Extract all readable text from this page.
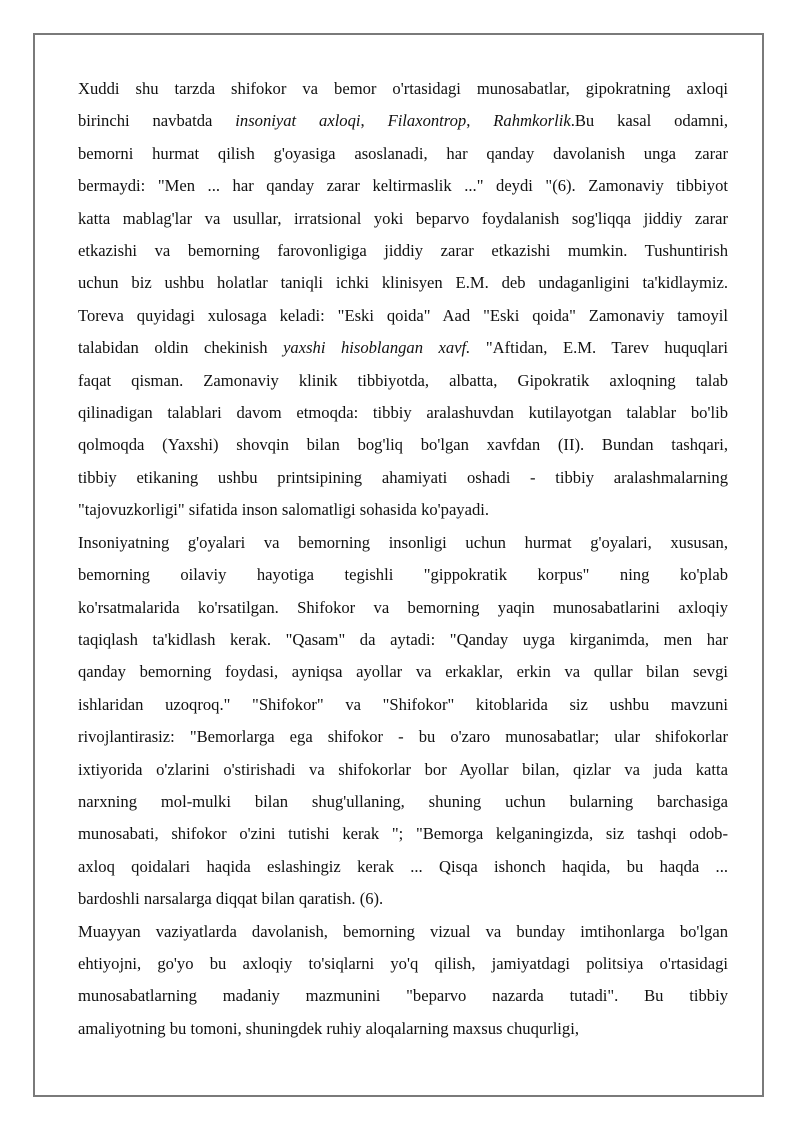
Xuddi shu tarzda shifokor va bemor o'rtasidagi munosabatlar, gipokratning axloqi
birinchi navbatda insoniyat axloqi, Filaxontrop, Rahmkorlik.Bu kasal odamni,
bemorni hurmat qilish g'oyasiga asoslanadi, har qanday davolanish unga zarar
bermaydi: "Men ... har qanday zarar keltirmaslik ..." deydi "(6). Zamonaviy tibbiyot
katta mablag'lar va usullar, irratsional yoki beparvo foydalanish sog'liqqa jiddiy zarar
etkazishi va bemorning farovonligiga jiddiy zarar etkazishi mumkin. Tushuntirish
uchun biz ushbu holatlar taniqli ichki klinisyen E.M. deb undaganligini ta'kidlaymiz.
Toreva quyidagi xulosaga keladi: "Eski qoida" Aad "Eski qoida" Zamonaviy tamoyil
talabidan oldin chekinish yaxshi hisoblangan xavf. "Aftidan, E.M. Tarev huquqlari
faqat qisman. Zamonaviy klinik tibbiyotda, albatta, Gipokratik axloqning talab
qilinadigan talablari davom etmoqda: tibbiy aralashuvdan kutilayotgan talablar bo'lib
qolmoqda (Yaxshi) shovqin bilan bog'liq bo'lgan xavfdan (II). Bundan tashqari,
tibbiy etikaning ushbu printsipining ahamiyati oshadi - tibbiy aralashmalarning
"tajovuzkorligi" sifatida inson salomatligi sohasida ko'payadi.
Insoniyatning g'oyalari va bemorning insonligi uchun hurmat g'oyalari, xususan,
bemorning oilaviy hayotiga tegishli "gippokratik korpus" ning ko'plab
ko'rsatmalarida ko'rsatilgan. Shifokor va bemorning yaqin munosabatlarini axloqiy
taqiqlash ta'kidlash kerak. "Qasam" da aytadi: "Qanday uyga kirganimda, men har
qanday bemorning foydasi, ayniqsa ayollar va erkaklar, erkin va qullar bilan sevgi
ishlaridan uzoqroq." "Shifokor" va "Shifokor" kitoblarida siz ushbu mavzuni
rivojlantirasiz: "Bemorlarga ega shifokor - bu o'zaro munosabatlar; ular shifokorlar
ixtiyorida o'zlarini o'stirishadi va shifokorlar bor Ayollar bilan, qizlar va juda katta
narxning mol-mulki bilan shug'ullaning, shuning uchun bularning barchasiga
munosabati, shifokor o'zini tutishi kerak "; "Bemorga kelganingizda, siz tashqi odob-
axloq qoidalari haqida eslashingiz kerak ... Qisqa ishonch haqida, bu haqda ...
bardoshli narsalarga diqqat bilan qaratish. (6).
Muayyan vaziyatlarda davolanish, bemorning vizual va bunday imtihonlarga bo'lgan
ehtiyojni, go'yo bu axloqiy to'siqlarni yo'q qilish, jamiyatdagi politsiya o'rtasidagi
munosabatlarning madaniy mazmunini "beparvo nazarda tutadi". Bu tibbiy
amaliyotning bu tomoni, shuningdek ruhiy aloqalarning maxsus chuqurligi,
